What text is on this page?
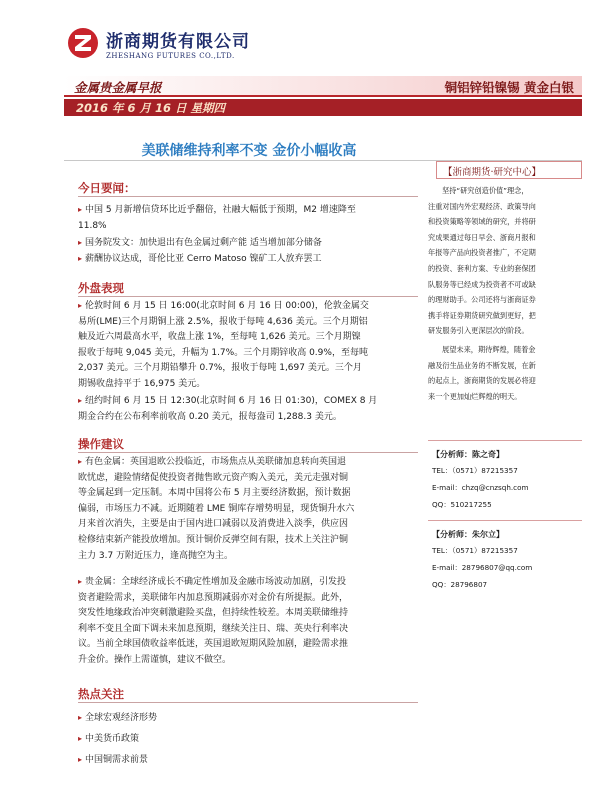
浙商期货有限公司
ZHESHANG FUTURES CO.,LTD.
金属贵金属早报	铜铝锌铅镍锡 黄金白银
2016 年 6 月 16 日 星期四
美联储维持利率不变 金价小幅收高
今日要闻：
▸ 中国 5 月新增信贷环比近乎翻倍，社融大幅低于预期，M2 增速降至
11.8%
▸ 国务院发文：加快退出有色金属过剩产能 适当增加部分储备
▸ 薪酬协议达成，哥伦比亚 Cerro Matoso 镍矿工人放弃罢工
外盘表现
▸ 伦敦时间 6 月 15 日 16:00(北京时间 6 月 16 日 00:00)，伦敦金属交
易所(LME)三个月期铜上涨 2.5%，报收于每吨 4,636 美元。三个月期铝
触及近六周最高水平，收盘上涨 1%，至每吨 1,626 美元。三个月期镍
报收于每吨 9,045 美元，升幅为 1.7%。三个月期锌收高 0.9%，至每吨
2,037 美元。三个月期铅攀升 0.7%，报收于每吨 1,697 美元。三个月
期锡收盘持平于 16,975 美元。
▸ 纽约时间 6 月 15 日 12:30(北京时间 6 月 16 日 01:30)，COMEX 8 月
期金合约在公布利率前收高 0.20 美元，报每盎司 1,288.3 美元。
操作建议
▸ 有色金属：英国退欧公投临近，市场焦点从美联储加息转向英国退
欧忧虑，避险情绪促使投资者抛售欧元资产购入美元，美元走强对铜
等金属起到一定压制。本周中国将公布 5 月主要经济数据，预计数据
偏弱，市场压力不减。近期随着 LME 铜库存增势明显，现货铜升水六
月来首次消失，主要是由于国内进口减弱以及消费进入淡季，供应因
检修结束新产能投放增加。预计铜价反弹空间有限，技术上关注沪铜
主力 3.7 万附近压力，逢高抛空为主。
▸ 贵金属：全球经济成长不确定性增加及金融市场波动加剧，引发投
资者避险需求，美联储年内加息预期减弱亦对金价有所提振。此外，
突发性地缘政治冲突刺激避险买盘，但持续性较差。本周美联储维持
利率不变且全面下调未来加息预期，继续关注日、瑞、英央行利率决
议。当前全球国债收益率低迷，英国退欧短期风险加剧，避险需求推
升金价。操作上需谨慎，建议不做空。
热点关注
▸ 全球宏观经济形势
▸ 中美货币政策
▸ 中国铜需求前景
【浙商期货·研究中心】
坚持“研究创造价值”理念，
注重对国内外宏观经济、政策导向
和投资策略等领域的研究，并将研
究成果通过每日早会、浙商月报和
年报等产品向投资者推广，不定期
的投资、套利方案、专业的套保团
队服务等已经成为投资者不可或缺
的理财助手。公司还将与浙商证券
携手将证券期货研究做到更好，把
研发服务引入更深层次的阶段。
展望未来，期待辉煌，随着金
融及衍生品业务的不断发展，在新
的起点上，浙商期货的发展必将迎
来一个更加灿烂辉煌的明天。
【分析师：陈之奇】
TEL：（0571）87215357
E-mail：chzq@cnzsqh.com
QQ：510217255
【分析师：朱尔立】
TEL：（0571）87215357
E-mail：28796807@qq.com
QQ：28796807
